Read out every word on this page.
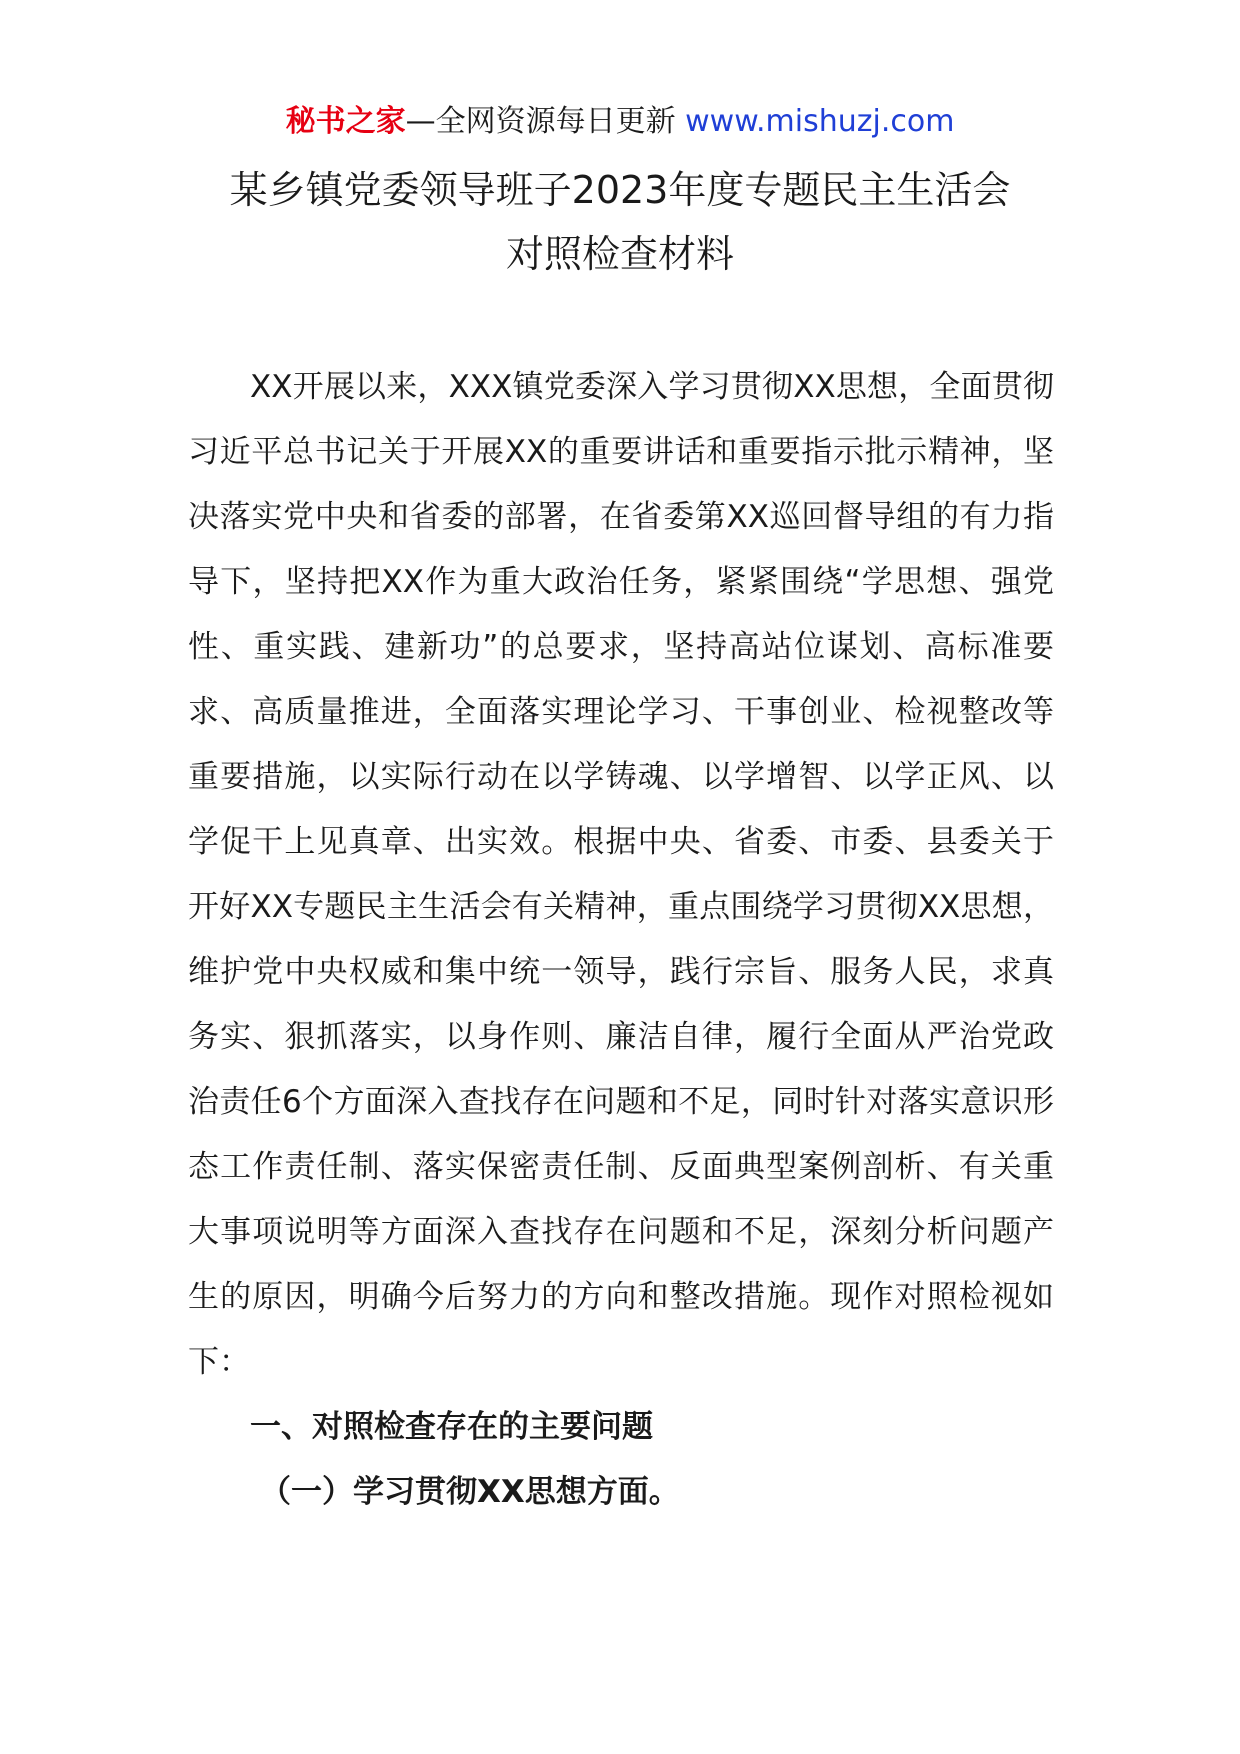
秘书之家—全网资源每日更新 www.mishuzj.com
某乡镇党委领导班子2023年度专题民主生活会
对照检查材料

XX开展以来，XXX镇党委深入学习贯彻XX思想，全面贯彻习近平总书记关于开展XX的重要讲话和重要指示批示精神，坚决落实党中央和省委的部署，在省委第XX巡回督导组的有力指导下，坚持把XX作为重大政治任务，紧紧围绕“学思想、强党性、重实践、建新功”的总要求，坚持高站位谋划、高标准要求、高质量推进，全面落实理论学习、干事创业、检视整改等重要措施，以实际行动在以学铸魂、以学增智、以学正风、以学促干上见真章、出实效。根据中央、省委、市委、县委关于开好XX专题民主生活会有关精神，重点围绕学习贯彻XX思想，维护党中央权威和集中统一领导，践行宗旨、服务人民，求真务实、狠抓落实，以身作则、廉洁自律，履行全面从严治党政治责任6个方面深入查找存在问题和不足，同时针对落实意识形态工作责任制、落实保密责任制、反面典型案例剖析、有关重大事项说明等方面深入查找存在问题和不足，深刻分析问题产生的原因，明确今后努力的方向和整改措施。现作对照检视如下：

一、对照检查存在的主要问题

（一）学习贯彻XX思想方面。
